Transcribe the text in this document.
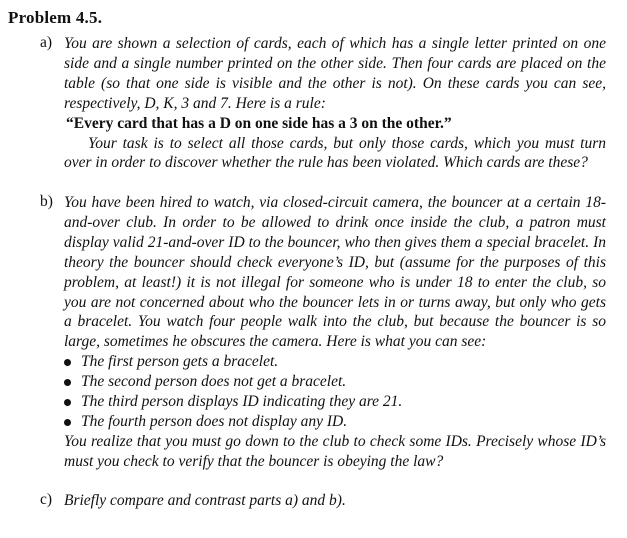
Problem 4.5.
a) You are shown a selection of cards, each of which has a single letter printed on one side and a single number printed on the other side. Then four cards are placed on the table (so that one side is visible and the other is not). On these cards you can see, respectively, D, K, 3 and 7. Here is a rule:

“Every card that has a D on one side has a 3 on the other.”

Your task is to select all those cards, but only those cards, which you must turn over in order to discover whether the rule has been violated. Which cards are these?

b) You have been hired to watch, via closed-circuit camera, the bouncer at a certain 18-and-over club. In order to be allowed to drink once inside the club, a patron must display valid 21-and-over ID to the bouncer, who then gives them a special bracelet. In theory the bouncer should check everyone’s ID, but (assume for the purposes of this problem, at least!) it is not illegal for someone who is under 18 to enter the club, so you are not concerned about who the bouncer lets in or turns away, but only who gets a bracelet. You watch four people walk into the club, but because the bouncer is so large, sometimes he obscures the camera. Here is what you can see:

The first person gets a bracelet.
The second person does not get a bracelet.
The third person displays ID indicating they are 21.
The fourth person does not display any ID.

You realize that you must go down to the club to check some IDs. Precisely whose ID’s must you check to verify that the bouncer is obeying the law?

c) Briefly compare and contrast parts a) and b).
